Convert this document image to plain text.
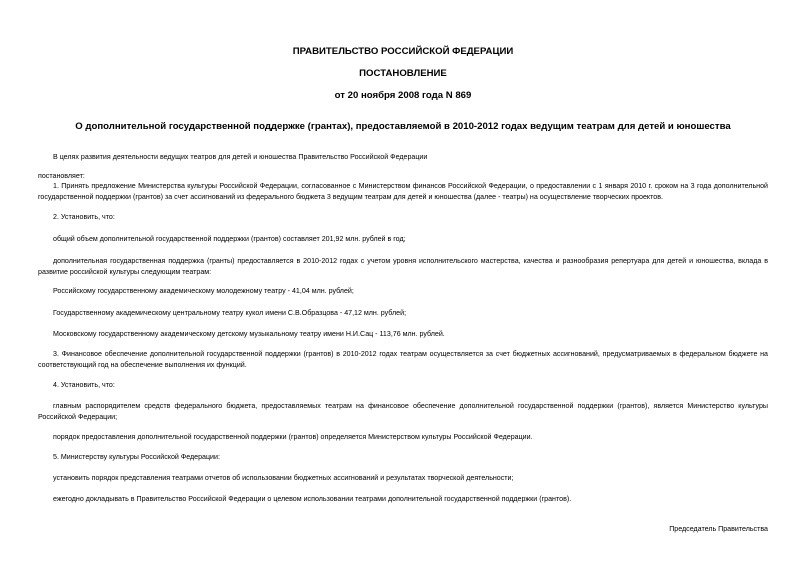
ПРАВИТЕЛЬСТВО РОССИЙСКОЙ ФЕДЕРАЦИИ
ПОСТАНОВЛЕНИЕ
от 20 ноября 2008 года N 869
О дополнительной государственной поддержке (грантах), предоставляемой в 2010-2012 годах ведущим театрам для детей и юношества

В целях развития деятельности ведущих театров для детей и юношества Правительство Российской Федерации

постановляет:

1. Принять предложение Министерства культуры Российской Федерации, согласованное с Министерством финансов Российской Федерации, о предоставлении с 1 января 2010 г. сроком на 3 года дополнительной государственной поддержки (грантов) за счет ассигнований из федерального бюджета 3 ведущим театрам для детей и юношества (далее - театры) на осуществление творческих проектов.

2. Установить, что:

общий объем дополнительной государственной поддержки (грантов) составляет 201,92 млн. рублей в год;

дополнительная государственная поддержка (гранты) предоставляется в 2010-2012 годах с учетом уровня исполнительского мастерства, качества и разнообразия репертуара для детей и юношества, вклада в развитие российской культуры следующим театрам:

Российскому государственному академическому молодежному театру - 41,04 млн. рублей;

Государственному академическому центральному театру кукол имени С.В.Образцова - 47,12 млн. рублей;

Московскому государственному академическому детскому музыкальному театру имени Н.И.Сац - 113,76 млн. рублей.

3. Финансовое обеспечение дополнительной государственной поддержки (грантов) в 2010-2012 годах театрам осуществляется за счет бюджетных ассигнований, предусматриваемых в федеральном бюджете на соответствующий год на обеспечение выполнения их функций.

4. Установить, что:

главным распорядителем средств федерального бюджета, предоставляемых театрам на финансовое обеспечение дополнительной государственной поддержки (грантов), является Министерство культуры Российской Федерации;

порядок предоставления дополнительной государственной поддержки (грантов) определяется Министерством культуры Российской Федерации.

5. Министерству культуры Российской Федерации:

установить порядок представления театрами отчетов об использовании бюджетных ассигнований и результатах творческой деятельности;

ежегодно докладывать в Правительство Российской Федерации о целевом использовании театрами дополнительной государственной поддержки (грантов).

Председатель Правительства
